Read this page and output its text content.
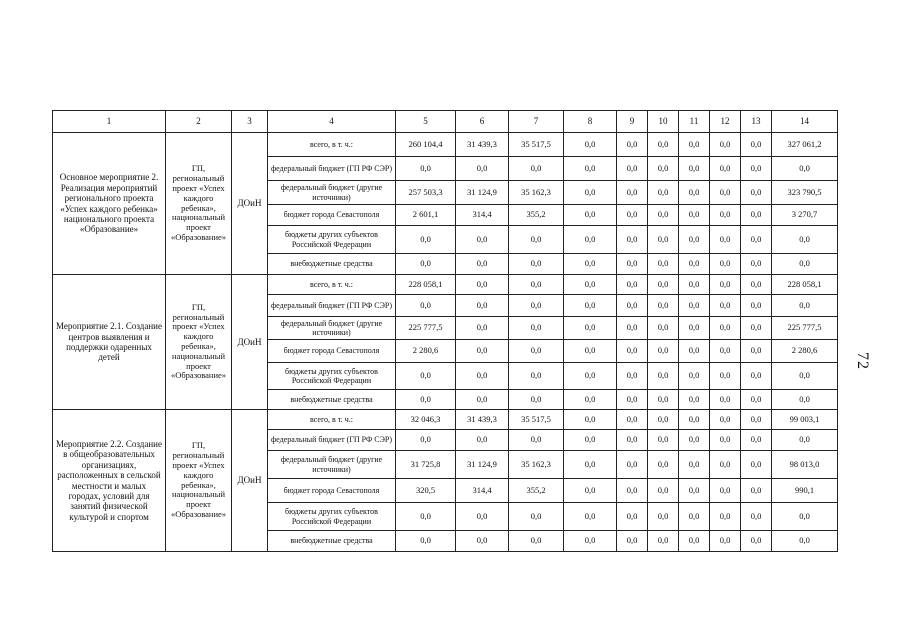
1	2	3	4	5	6	7	8	9	10	11	12	13	14
Основное мероприятие 2. Реализация мероприятий регионального проекта «Успех каждого ребенка» национального проекта «Образование»	ГП, региональный проект «Успех каждого ребенка», национальный проект «Образование»	ДОиН	всего, в т. ч.:	260 104,4	31 439,3	35 517,5	0,0	0,0	0,0	0,0	0,0	0,0	327 061,2
			федеральный бюджет (ГП РФ СЭР)	0,0	0,0	0,0	0,0	0,0	0,0	0,0	0,0	0,0	0,0
			федеральный бюджет (другие источники)	257 503,3	31 124,9	35 162,3	0,0	0,0	0,0	0,0	0,0	0,0	323 790,5
			бюджет города Севастополя	2 601,1	314,4	355,2	0,0	0,0	0,0	0,0	0,0	0,0	3 270,7
			бюджеты других субъектов Российской Федерации	0,0	0,0	0,0	0,0	0,0	0,0	0,0	0,0	0,0	0,0
			внебюджетные средства	0,0	0,0	0,0	0,0	0,0	0,0	0,0	0,0	0,0	0,0
Мероприятие 2.1. Создание центров выявления и поддержки одаренных детей	ГП, региональный проект «Успех каждого ребенка», национальный проект «Образование»	ДОиН	всего, в т. ч.:	228 058,1	0,0	0,0	0,0	0,0	0,0	0,0	0,0	0,0	228 058,1
			федеральный бюджет (ГП РФ СЭР)	0,0	0,0	0,0	0,0	0,0	0,0	0,0	0,0	0,0	0,0
			федеральный бюджет (другие источники)	225 777,5	0,0	0,0	0,0	0,0	0,0	0,0	0,0	0,0	225 777,5
			бюджет города Севастополя	2 280,6	0,0	0,0	0,0	0,0	0,0	0,0	0,0	0,0	2 280,6
			бюджеты других субъектов Российской Федерации	0,0	0,0	0,0	0,0	0,0	0,0	0,0	0,0	0,0	0,0
			внебюджетные средства	0,0	0,0	0,0	0,0	0,0	0,0	0,0	0,0	0,0	0,0
Мероприятие 2.2. Создание в общеобразовательных организациях, расположенных в сельской местности и малых городах, условий для занятий физической культурой и спортом	ГП, региональный проект «Успех каждого ребенка», национальный проект «Образование»	ДОиН	всего, в т. ч.:	32 046,3	31 439,3	35 517,5	0,0	0,0	0,0	0,0	0,0	0,0	99 003,1
			федеральный бюджет (ГП РФ СЭР)	0,0	0,0	0,0	0,0	0,0	0,0	0,0	0,0	0,0	0,0
			федеральный бюджет (другие источники)	31 725,8	31 124,9	35 162,3	0,0	0,0	0,0	0,0	0,0	0,0	98 013,0
			бюджет города Севастополя	320,5	314,4	355,2	0,0	0,0	0,0	0,0	0,0	0,0	990,1
			бюджеты других субъектов Российской Федерации	0,0	0,0	0,0	0,0	0,0	0,0	0,0	0,0	0,0	0,0
			внебюджетные средства	0,0	0,0	0,0	0,0	0,0	0,0	0,0	0,0	0,0	0,0
72
